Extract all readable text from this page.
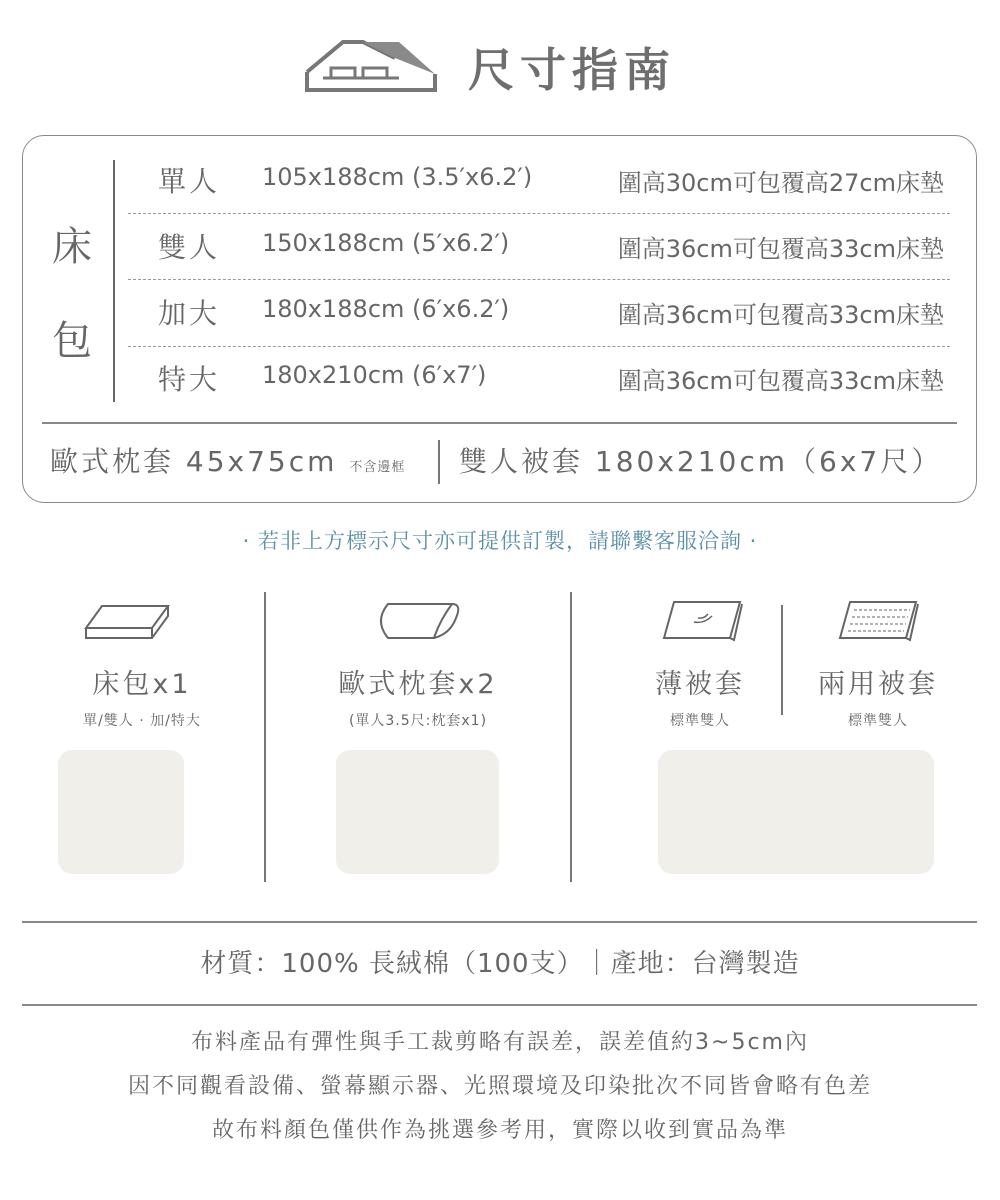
尺寸指南
床包
單人 105x188cm (3.5′x6.2′)	圍高30cm可包覆高27cm床墊
雙人 150x188cm (5′x6.2′)	圍高36cm可包覆高33cm床墊
加大 180x188cm (6′x6.2′)	圍高36cm可包覆高33cm床墊
特大 180x210cm (6′x7′)	圍高36cm可包覆高33cm床墊
歐式枕套 45x75cm 不含邊框 雙人被套 180x210cm（6x7尺）
· 若非上方標示尺寸亦可提供訂製，請聯繫客服洽詢 ·
床包x1
單/雙人 · 加/特大
歐式枕套x2
(單人3.5尺:枕套x1)
薄被套
標準雙人
兩用被套
標準雙人
材質：100% 長絨棉（100支）｜產地：台灣製造
布料產品有彈性與手工裁剪略有誤差，誤差值約3~5cm內
因不同觀看設備、螢幕顯示器、光照環境及印染批次不同皆會略有色差
故布料顏色僅供作為挑選參考用，實際以收到實品為準
